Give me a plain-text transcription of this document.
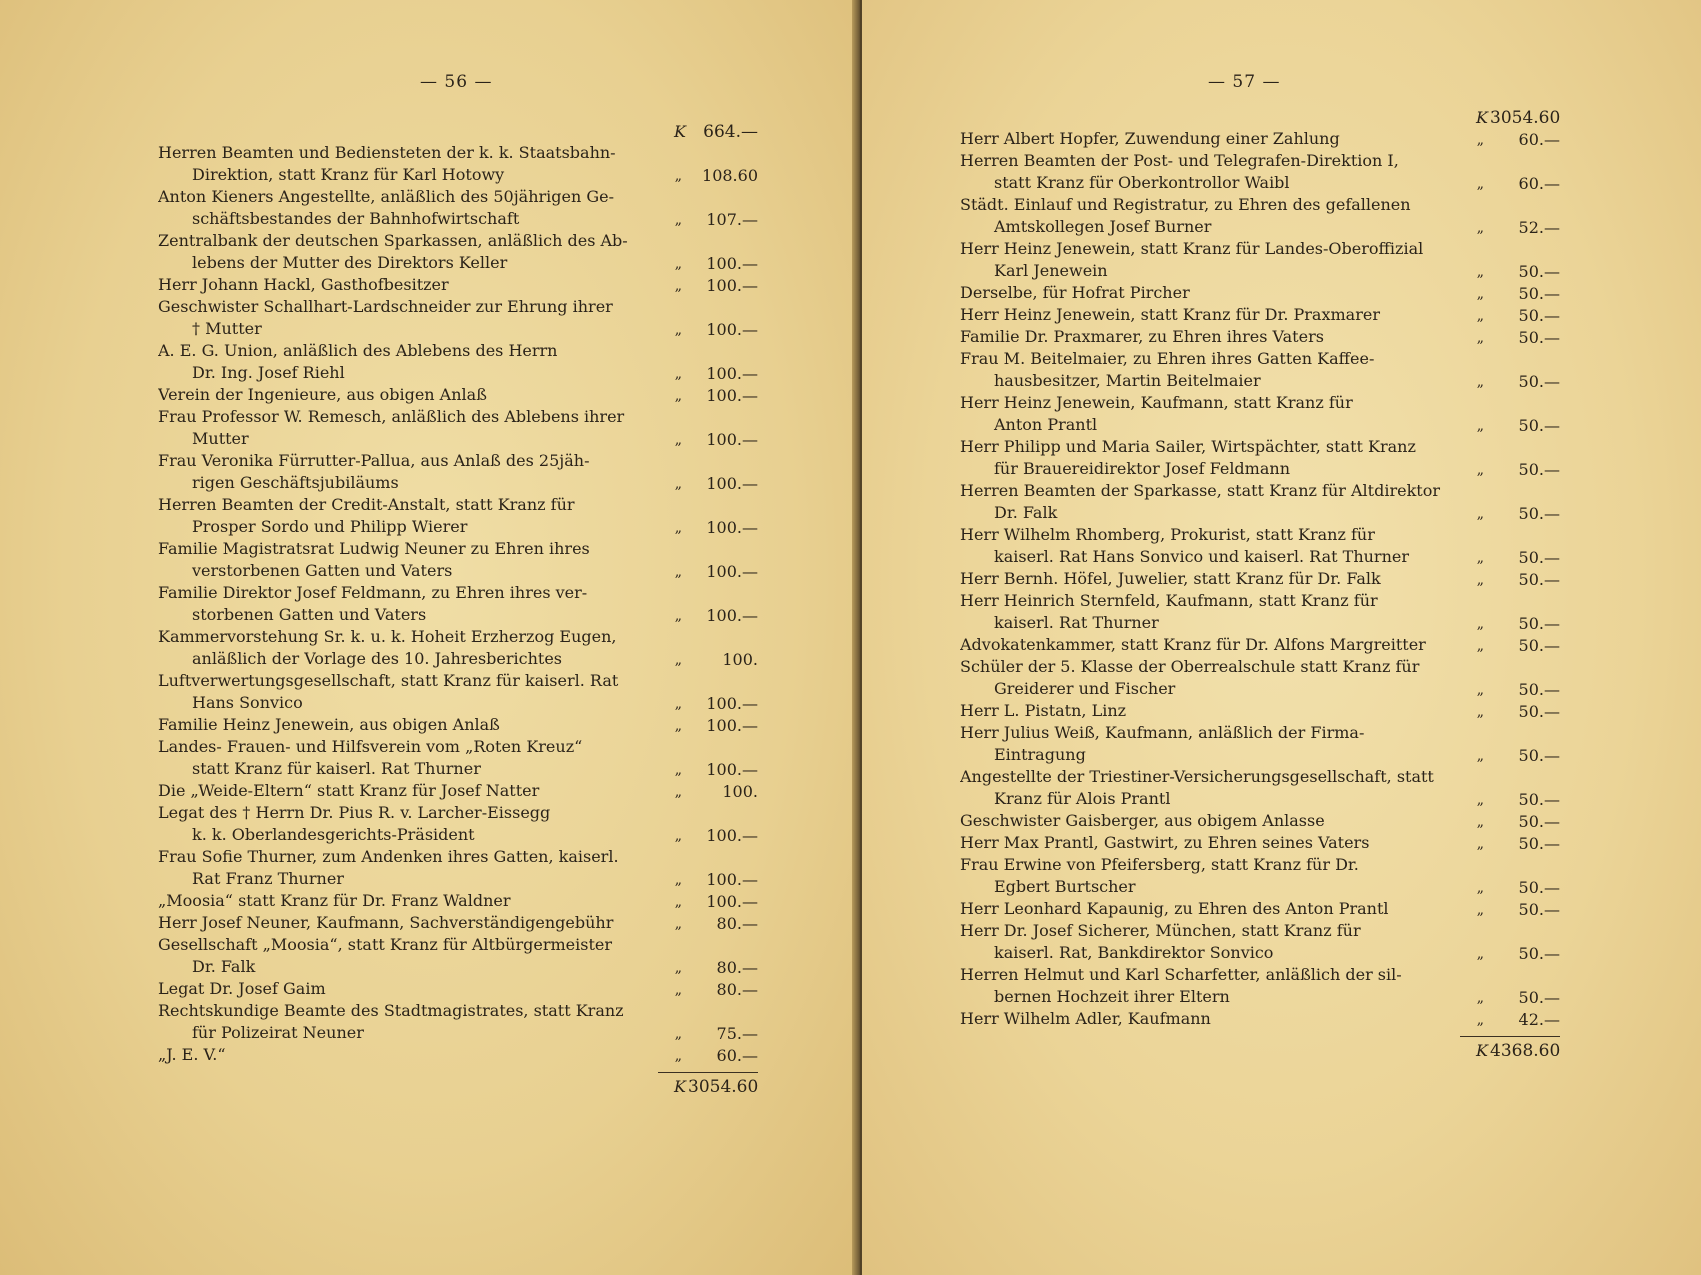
— 56 —
K	664.—

Herren Beamten und Bediensteten der k. k. Staatsbahn-
Direktion, statt Kranz für Karl Hotowy	„	108.60

Anton Kieners Angestellte, anläßlich des 50jährigen Ge-
schäftsbestandes der Bahnhofwirtschaft	„	107.—

Zentralbank der deutschen Sparkassen, anläßlich des Ab-
lebens der Mutter des Direktors Keller	„	100.—

Herr Johann Hackl, Gasthofbesitzer	„	100.—

Geschwister Schallhart-Lardschneider zur Ehrung ihrer
† Mutter	„	100.—

A. E. G. Union, anläßlich des Ablebens des Herrn
Dr. Ing. Josef Riehl	„	100.—

Verein der Ingenieure, aus obigen Anlaß	„	100.—

Frau Professor W. Remesch, anläßlich des Ablebens ihrer
Mutter	„	100.—

Frau Veronika Fürrutter-Pallua, aus Anlaß des 25jäh-
rigen Geschäftsjubiläums	„	100.—

Herren Beamten der Credit-Anstalt, statt Kranz für
Prosper Sordo und Philipp Wierer	„	100.—

Familie Magistratsrat Ludwig Neuner zu Ehren ihres
verstorbenen Gatten und Vaters	„	100.—

Familie Direktor Josef Feldmann, zu Ehren ihres ver-
storbenen Gatten und Vaters	„	100.—

Kammervorstehung Sr. k. u. k. Hoheit Erzherzog Eugen,
anläßlich der Vorlage des 10. Jahresberichtes	„	100.

Luftverwertungsgesellschaft, statt Kranz für kaiserl. Rat
Hans Sonvico	„	100.—

Familie Heinz Jenewein, aus obigen Anlaß	„	100.—

Landes- Frauen- und Hilfsverein vom „Roten Kreuz“
statt Kranz für kaiserl. Rat Thurner	„	100.—

Die „Weide-Eltern“ statt Kranz für Josef Natter	„	100.

Legat des † Herrn Dr. Pius R. v. Larcher-Eissegg
k. k. Oberlandesgerichts-Präsident	„	100.—

Frau Sofie Thurner, zum Andenken ihres Gatten, kaiserl.
Rat Franz Thurner	„	100.—

„Moosia“ statt Kranz für Dr. Franz Waldner	„	100.—

Herr Josef Neuner, Kaufmann, Sachverständigengebühr	„	80.—

Gesellschaft „Moosia“, statt Kranz für Altbürgermeister
Dr. Falk	„	80.—

Legat Dr. Josef Gaim	„	80.—

Rechtskundige Beamte des Stadtmagistrates, statt Kranz
für Polizeirat Neuner	„	75.—

„J. E. V.“	„	60.—
K 3054.60
— 57 —
K 3054.60

Herr Albert Hopfer, Zuwendung einer Zahlung	„	60.—

Herren Beamten der Post- und Telegrafen-Direktion I,
statt Kranz für Oberkontrollor Waibl	„	60.—

Städt. Einlauf und Registratur, zu Ehren des gefallenen
Amtskollegen Josef Burner	„	52.—

Herr Heinz Jenewein, statt Kranz für Landes-Oberoffizial
Karl Jenewein	„	50.—

Derselbe, für Hofrat Pircher	„	50.—

Herr Heinz Jenewein, statt Kranz für Dr. Praxmarer	„	50.—

Familie Dr. Praxmarer, zu Ehren ihres Vaters	„	50.—

Frau M. Beitelmaier, zu Ehren ihres Gatten Kaffee-
hausbesitzer, Martin Beitelmaier	„	50.—

Herr Heinz Jenewein, Kaufmann, statt Kranz für
Anton Prantl	„	50.—

Herr Philipp und Maria Sailer, Wirtspächter, statt Kranz
für Brauereidirektor Josef Feldmann	„	50.—

Herren Beamten der Sparkasse, statt Kranz für Altdirektor
Dr. Falk	„	50.—

Herr Wilhelm Rhomberg, Prokurist, statt Kranz für
kaiserl. Rat Hans Sonvico und kaiserl. Rat Thurner	„	50.—

Herr Bernh. Höfel, Juwelier, statt Kranz für Dr. Falk	„	50.—

Herr Heinrich Sternfeld, Kaufmann, statt Kranz für
kaiserl. Rat Thurner	„	50.—

Advokatenkammer, statt Kranz für Dr. Alfons Margreitter	„	50.—

Schüler der 5. Klasse der Oberrealschule statt Kranz für
Greiderer und Fischer	„	50.—

Herr L. Pistatn, Linz	„	50.—

Herr Julius Weiß, Kaufmann, anläßlich der Firma-
Eintragung	„	50.—

Angestellte der Triestiner-Versicherungsgesellschaft, statt
Kranz für Alois Prantl	„	50.—

Geschwister Gaisberger, aus obigem Anlasse	„	50.—

Herr Max Prantl, Gastwirt, zu Ehren seines Vaters	„	50.—

Frau Erwine von Pfeifersberg, statt Kranz für Dr.
Egbert Burtscher	„	50.—

Herr Leonhard Kapaunig, zu Ehren des Anton Prantl	„	50.—

Herr Dr. Josef Sicherer, München, statt Kranz für
kaiserl. Rat, Bankdirektor Sonvico	„	50.—

Herren Helmut und Karl Scharfetter, anläßlich der sil-
bernen Hochzeit ihrer Eltern	„	50.—

Herr Wilhelm Adler, Kaufmann	„	42.—
K 4368.60
